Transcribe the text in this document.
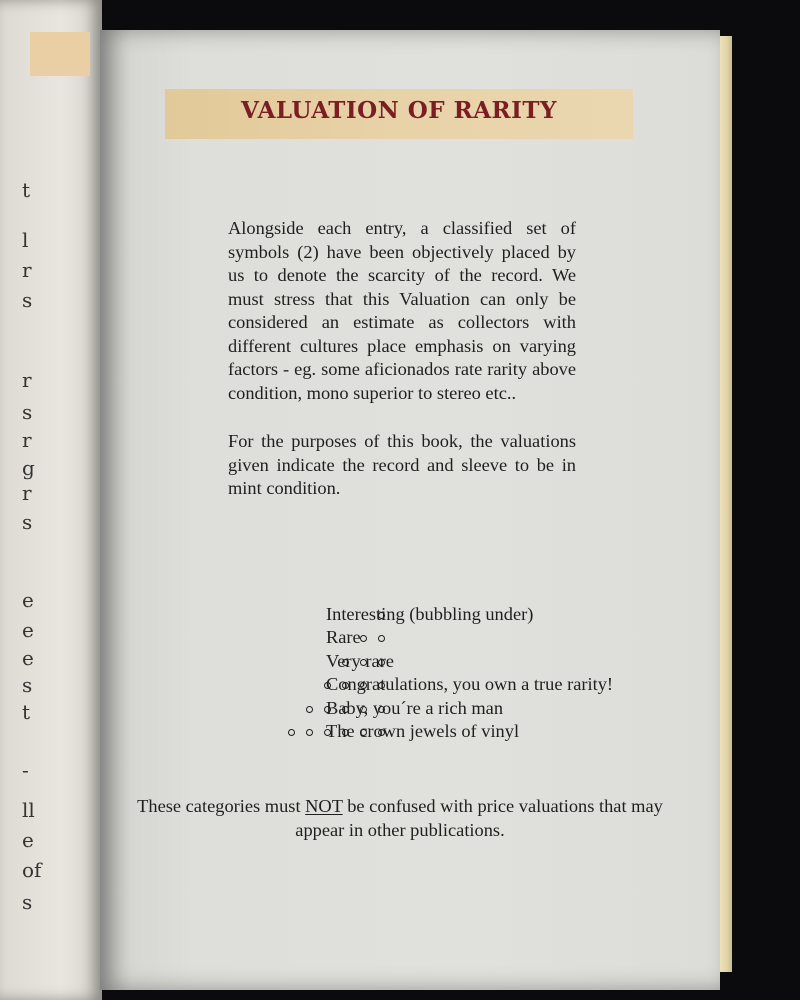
t
l
r
s
r
s
r
g
r
s
e
e
e
s
t
-
ll
e
of
s
VALUATION OF RARITY

Alongside each entry, a classified set of symbols (2) have been objectively placed by us to denote the scarcity of the record. We must stress that this Valuation can only be considered an estimate as collectors with different cultures place emphasis on varying factors - eg. some aficionados rate rarity above condition, mono superior to stereo etc..

For the purposes of this book, the valuations given indicate the record and sleeve to be in mint condition.

Interesting (bubbling under)
Rare
Very rare
Congratulations, you own a true rarity!
Baby, you´re a rich man
The crown jewels of vinyl
These categories must NOT be confused with price valuations that may appear in other publications.
